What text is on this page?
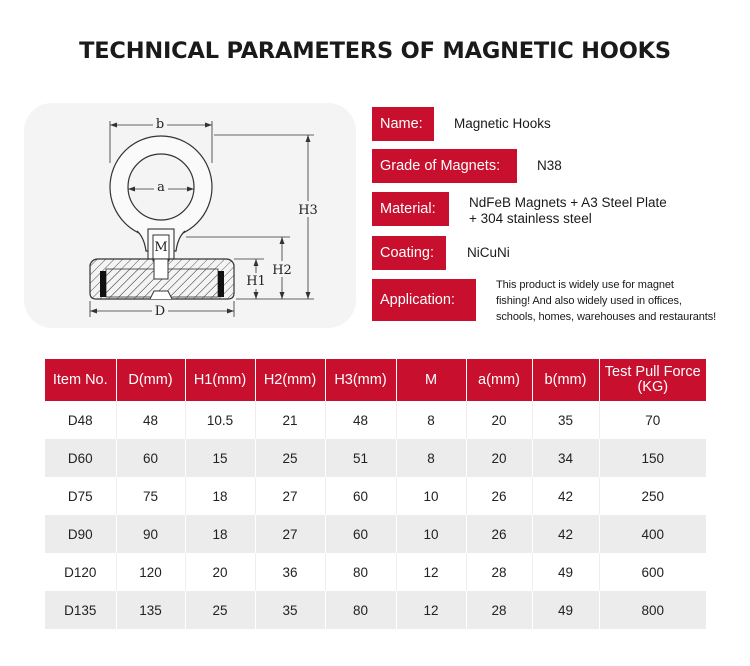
TECHNICAL PARAMETERS OF MAGNETIC HOOKS
b
a
M
H3
H2
H1
D
Name:	Magnetic Hooks
Grade of Magnets:	N38
Material:	NdFeB Magnets + A3 Steel Plate
+ 304 stainless steel
Coating:	NiCuNi
Application:
This product is widely use for magnet
fishing! And also widely used in offices,
schools, homes, warehouses and restaurants!
Item No.	D(mm)	H1(mm)	H2(mm)	H3(mm)	M	a(mm)	b(mm)	Test Pull Force (KG)
D48	48	10.5	21	48	8	20	35	70
D60	60	15	25	51	8	20	34	150
D75	75	18	27	60	10	26	42	250
D90	90	18	27	60	10	26	42	400
D120	120	20	36	80	12	28	49	600
D135	135	25	35	80	12	28	49	800
